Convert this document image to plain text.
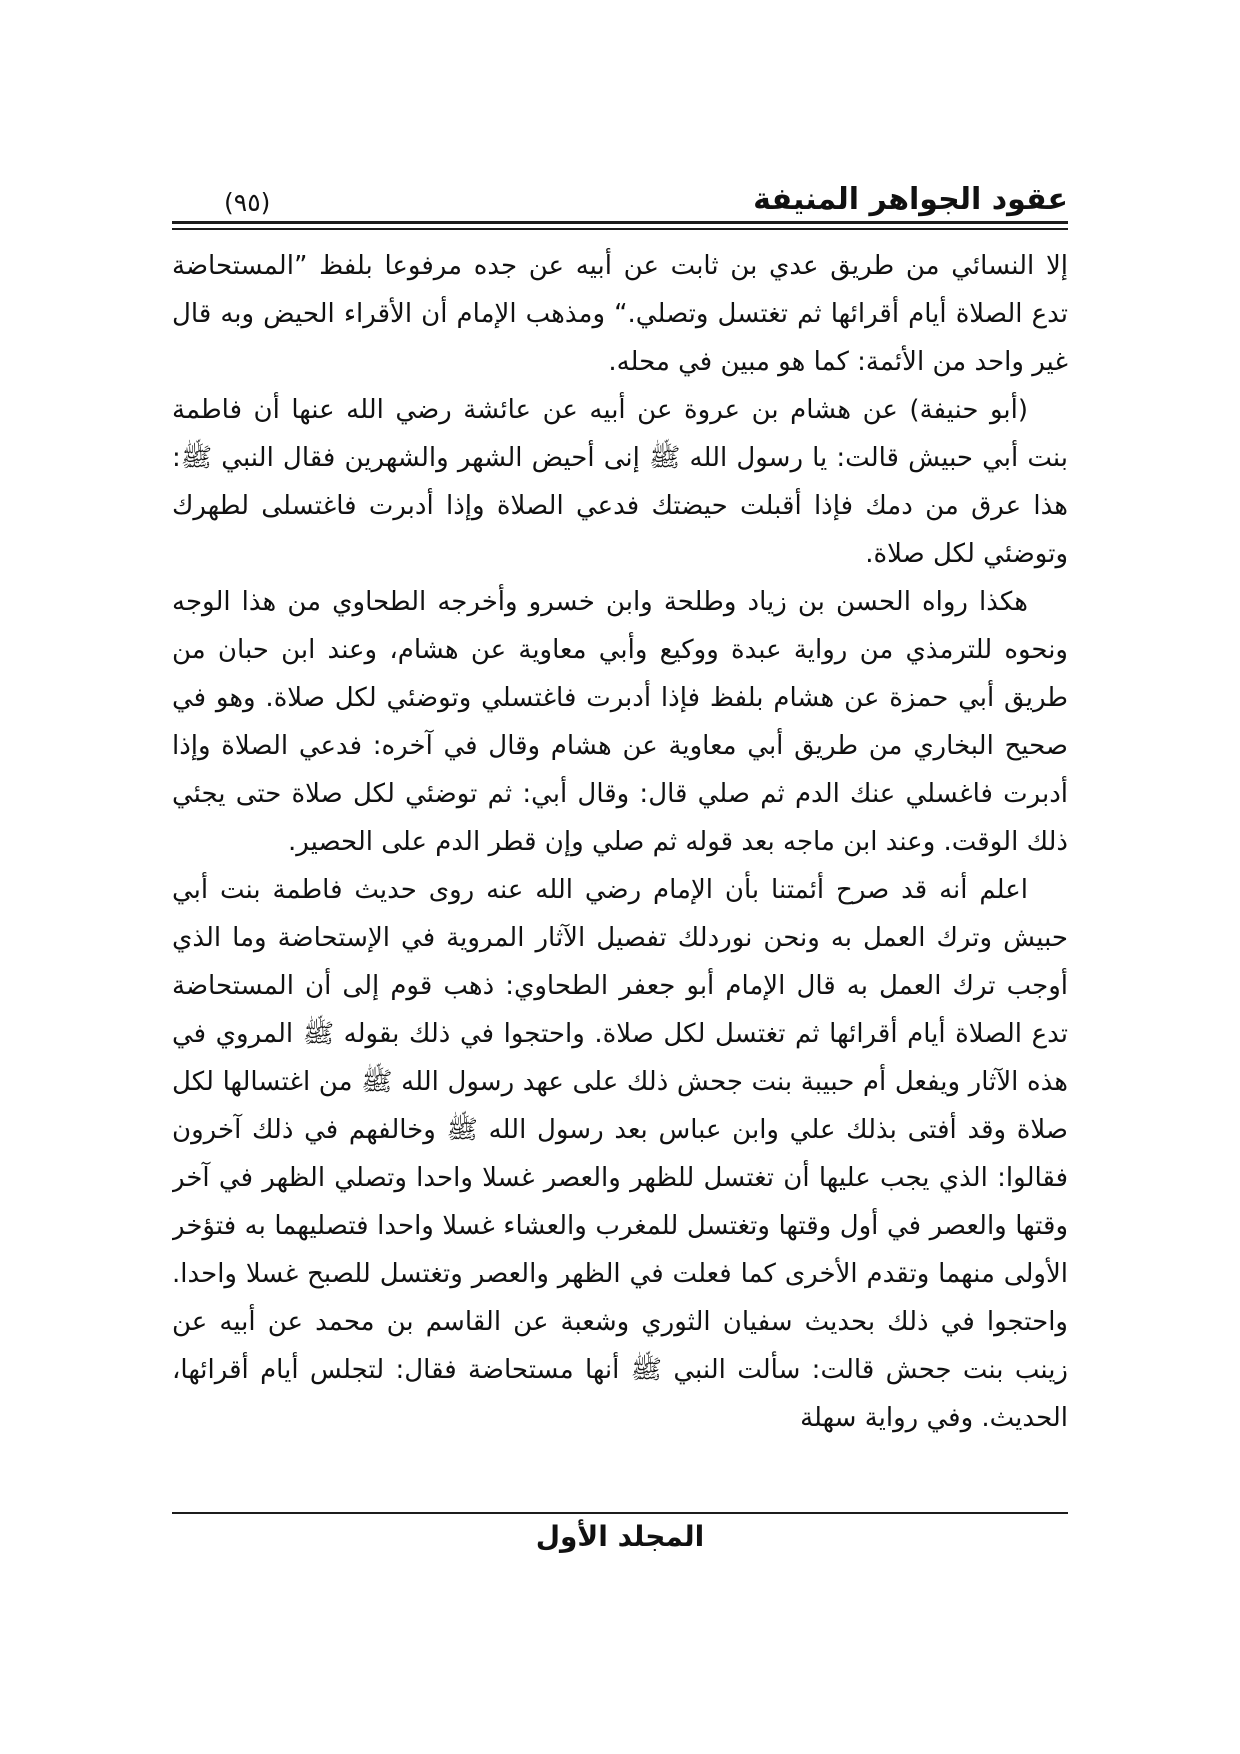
عقود الجواهر المنيفة
(٩٥)

إلا النسائي من طريق عدي بن ثابت عن أبيه عن جده مرفوعا بلفظ ”المستحاضة تدع الصلاة أيام أقرائها ثم تغتسل وتصلي.“ ومذهب الإمام أن الأقراء الحيض وبه قال غير واحد من الأئمة: كما هو مبين في محله.

(أبو حنيفة) عن هشام بن عروة عن أبيه عن عائشة رضي الله عنها أن فاطمة بنت أبي حبيش قالت: يا رسول الله ﷺ إنى أحيض الشهر والشهرين فقال النبي ﷺ: هذا عرق من دمك فإذا أقبلت حيضتك فدعي الصلاة وإذا أدبرت فاغتسلى لطهرك وتوضئي لكل صلاة.

هكذا رواه الحسن بن زياد وطلحة وابن خسرو وأخرجه الطحاوي من هذا الوجه ونحوه للترمذي من رواية عبدة ووكيع وأبي معاوية عن هشام، وعند ابن حبان من طريق أبي حمزة عن هشام بلفظ فإذا أدبرت فاغتسلي وتوضئي لكل صلاة. وهو في صحيح البخاري من طريق أبي معاوية عن هشام وقال في آخره: فدعي الصلاة وإذا أدبرت فاغسلي عنك الدم ثم صلي قال: وقال أبي: ثم توضئي لكل صلاة حتى يجئي ذلك الوقت. وعند ابن ماجه بعد قوله ثم صلي وإن قطر الدم على الحصير.

اعلم أنه قد صرح أئمتنا بأن الإمام رضي الله عنه روى حديث فاطمة بنت أبي حبيش وترك العمل به ونحن نوردلك تفصيل الآثار المروية في الإستحاضة وما الذي أوجب ترك العمل به قال الإمام أبو جعفر الطحاوي: ذهب قوم إلى أن المستحاضة تدع الصلاة أيام أقرائها ثم تغتسل لكل صلاة. واحتجوا في ذلك بقوله ﷺ المروي في هذه الآثار ويفعل أم حبيبة بنت جحش ذلك على عهد رسول الله ﷺ من اغتسالها لكل صلاة وقد أفتى بذلك علي وابن عباس بعد رسول الله ﷺ وخالفهم في ذلك آخرون فقالوا: الذي يجب عليها أن تغتسل للظهر والعصر غسلا واحدا وتصلي الظهر في آخر وقتها والعصر في أول وقتها وتغتسل للمغرب والعشاء غسلا واحدا فتصليهما به فتؤخر الأولى منهما وتقدم الأخرى كما فعلت في الظهر والعصر وتغتسل للصبح غسلا واحدا. واحتجوا في ذلك بحديث سفيان الثوري وشعبة عن القاسم بن محمد عن أبيه عن زينب بنت جحش قالت: سألت النبي ﷺ أنها مستحاضة فقال: لتجلس أيام أقرائها، الحديث. وفي رواية سهلة

المجلد الأول
